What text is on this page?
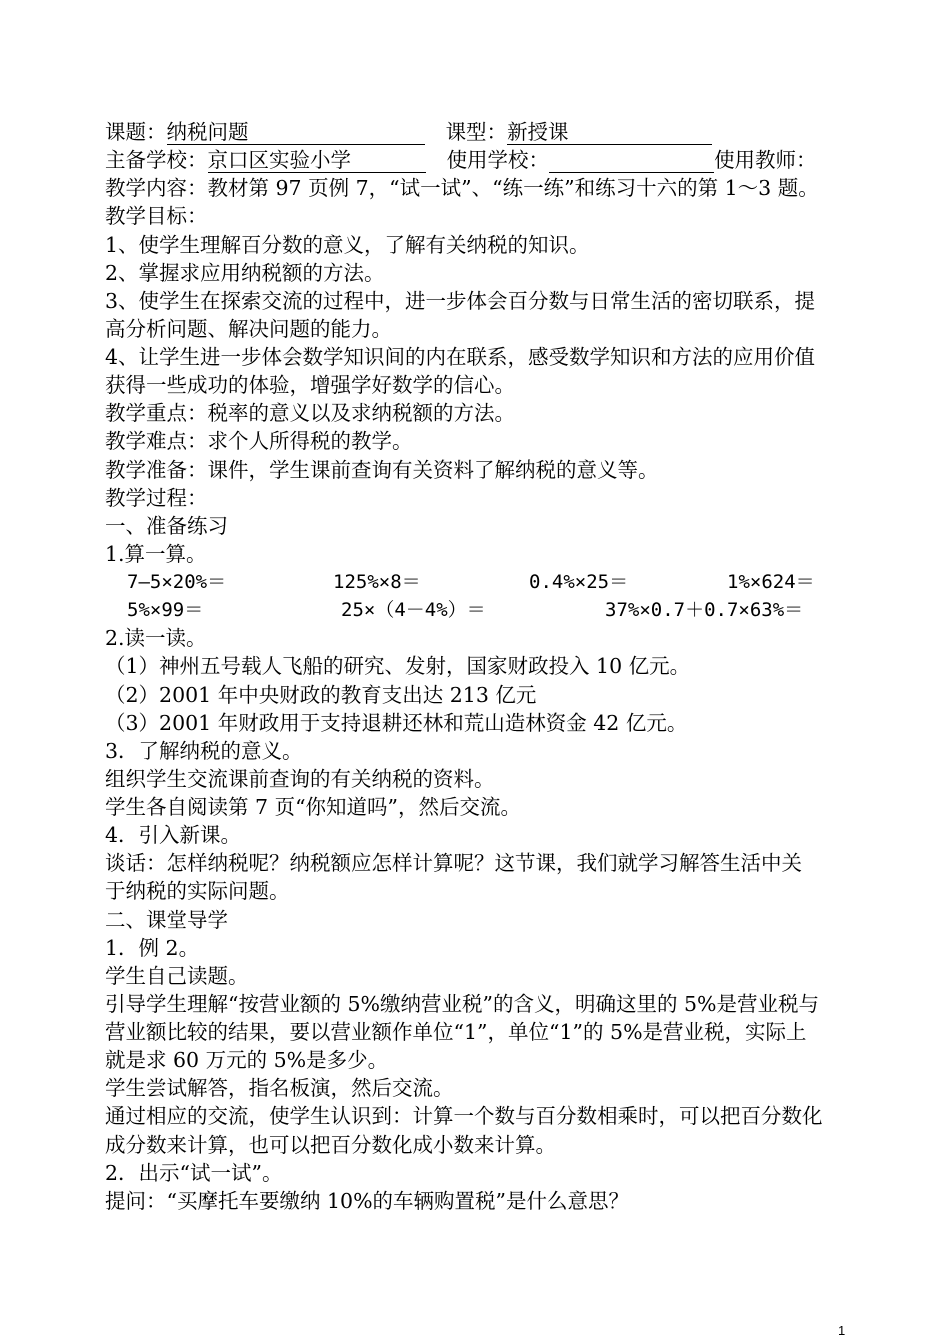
课题：纳税问题	课型：新授课
主备学校：京口区实验小学	使用学校：	使用教师：
教学内容：教材第 97 页例 7，“试一试”、“练一练”和练习十六的第 1～3 题。
教学目标：
1、使学生理解百分数的意义，了解有关纳税的知识。
2、掌握求应用纳税额的方法。
3、使学生在探索交流的过程中，进一步体会百分数与日常生活的密切联系，提
高分析问题、解决问题的能力。
4、让学生进一步体会数学知识间的内在联系，感受数学知识和方法的应用价值
获得一些成功的体验，增强学好数学的信心。
教学重点：税率的意义以及求纳税额的方法。
教学难点：求个人所得税的教学。
教学准备：课件，学生课前查询有关资料了解纳税的意义等。
教学过程：
一、准备练习
1.算一算。
7—5×20%＝	125%×8＝	0.4%×25＝	1%×624＝
5%×99＝	25×（4－4%）＝	37%×0.7＋0.7×63%＝
2.读一读。
（1）神州五号载人飞船的研究、发射，国家财政投入 10 亿元。
（2）2001 年中央财政的教育支出达 213 亿元
（3）2001 年财政用于支持退耕还林和荒山造林资金 42 亿元。
3．了解纳税的意义。
组织学生交流课前查询的有关纳税的资料。
学生各自阅读第 7 页“你知道吗”，然后交流。
4．引入新课。
谈话：怎样纳税呢？纳税额应怎样计算呢？这节课，我们就学习解答生活中关
于纳税的实际问题。
二、课堂导学
1．例 2。
学生自己读题。
引导学生理解“按营业额的 5%缴纳营业税”的含义，明确这里的 5%是营业税与
营业额比较的结果，要以营业额作单位“1”，单位“1”的 5%是营业税，实际上
就是求 60 万元的 5%是多少。
学生尝试解答，指名板演，然后交流。
通过相应的交流，使学生认识到：计算一个数与百分数相乘时，可以把百分数化
成分数来计算，也可以把百分数化成小数来计算。
2．出示“试一试”。
提问：“买摩托车要缴纳 10%的车辆购置税”是什么意思？
1
